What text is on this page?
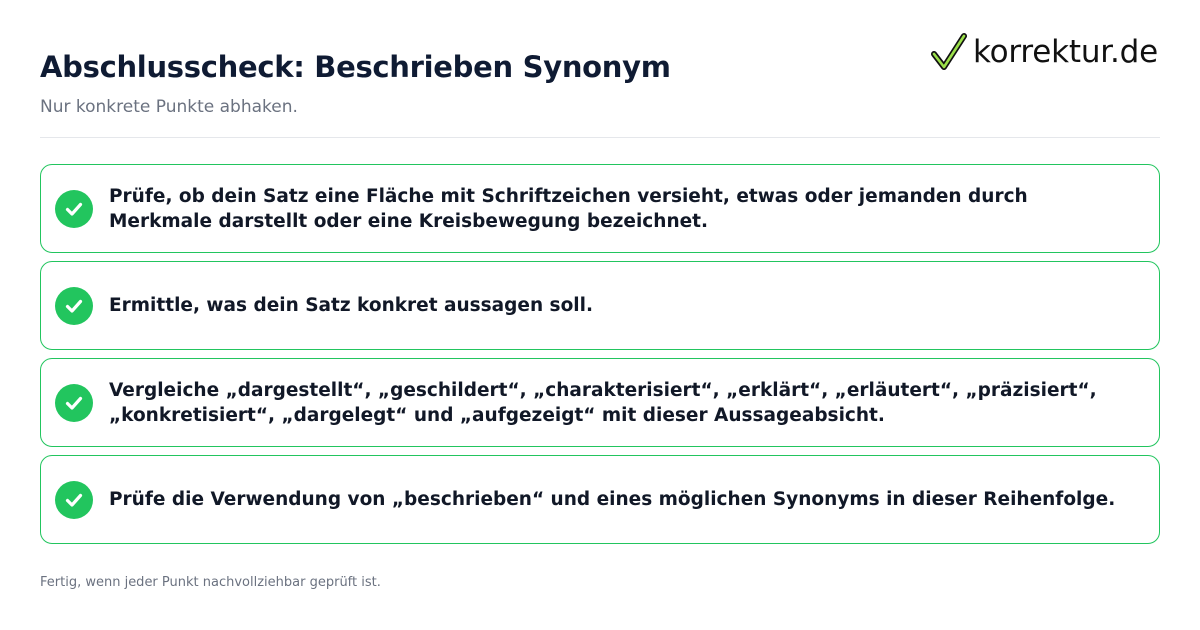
Abschlusscheck: Beschrieben Synonym
Nur konkrete Punkte abhaken.
korrektur.de
Prüfe, ob dein Satz eine Fläche mit Schriftzeichen versieht, etwas oder jemanden durch Merkmale darstellt oder eine Kreisbewegung bezeichnet.
Ermittle, was dein Satz konkret aussagen soll.
Vergleiche „dargestellt“, „geschildert“, „charakterisiert“, „erklärt“, „erläutert“, „präzisiert“, „konkretisiert“, „dargelegt“ und „aufgezeigt“ mit dieser Aussageabsicht.
Prüfe die Verwendung von „beschrieben“ und eines möglichen Synonyms in dieser Reihenfolge.
Fertig, wenn jeder Punkt nachvollziehbar geprüft ist.
